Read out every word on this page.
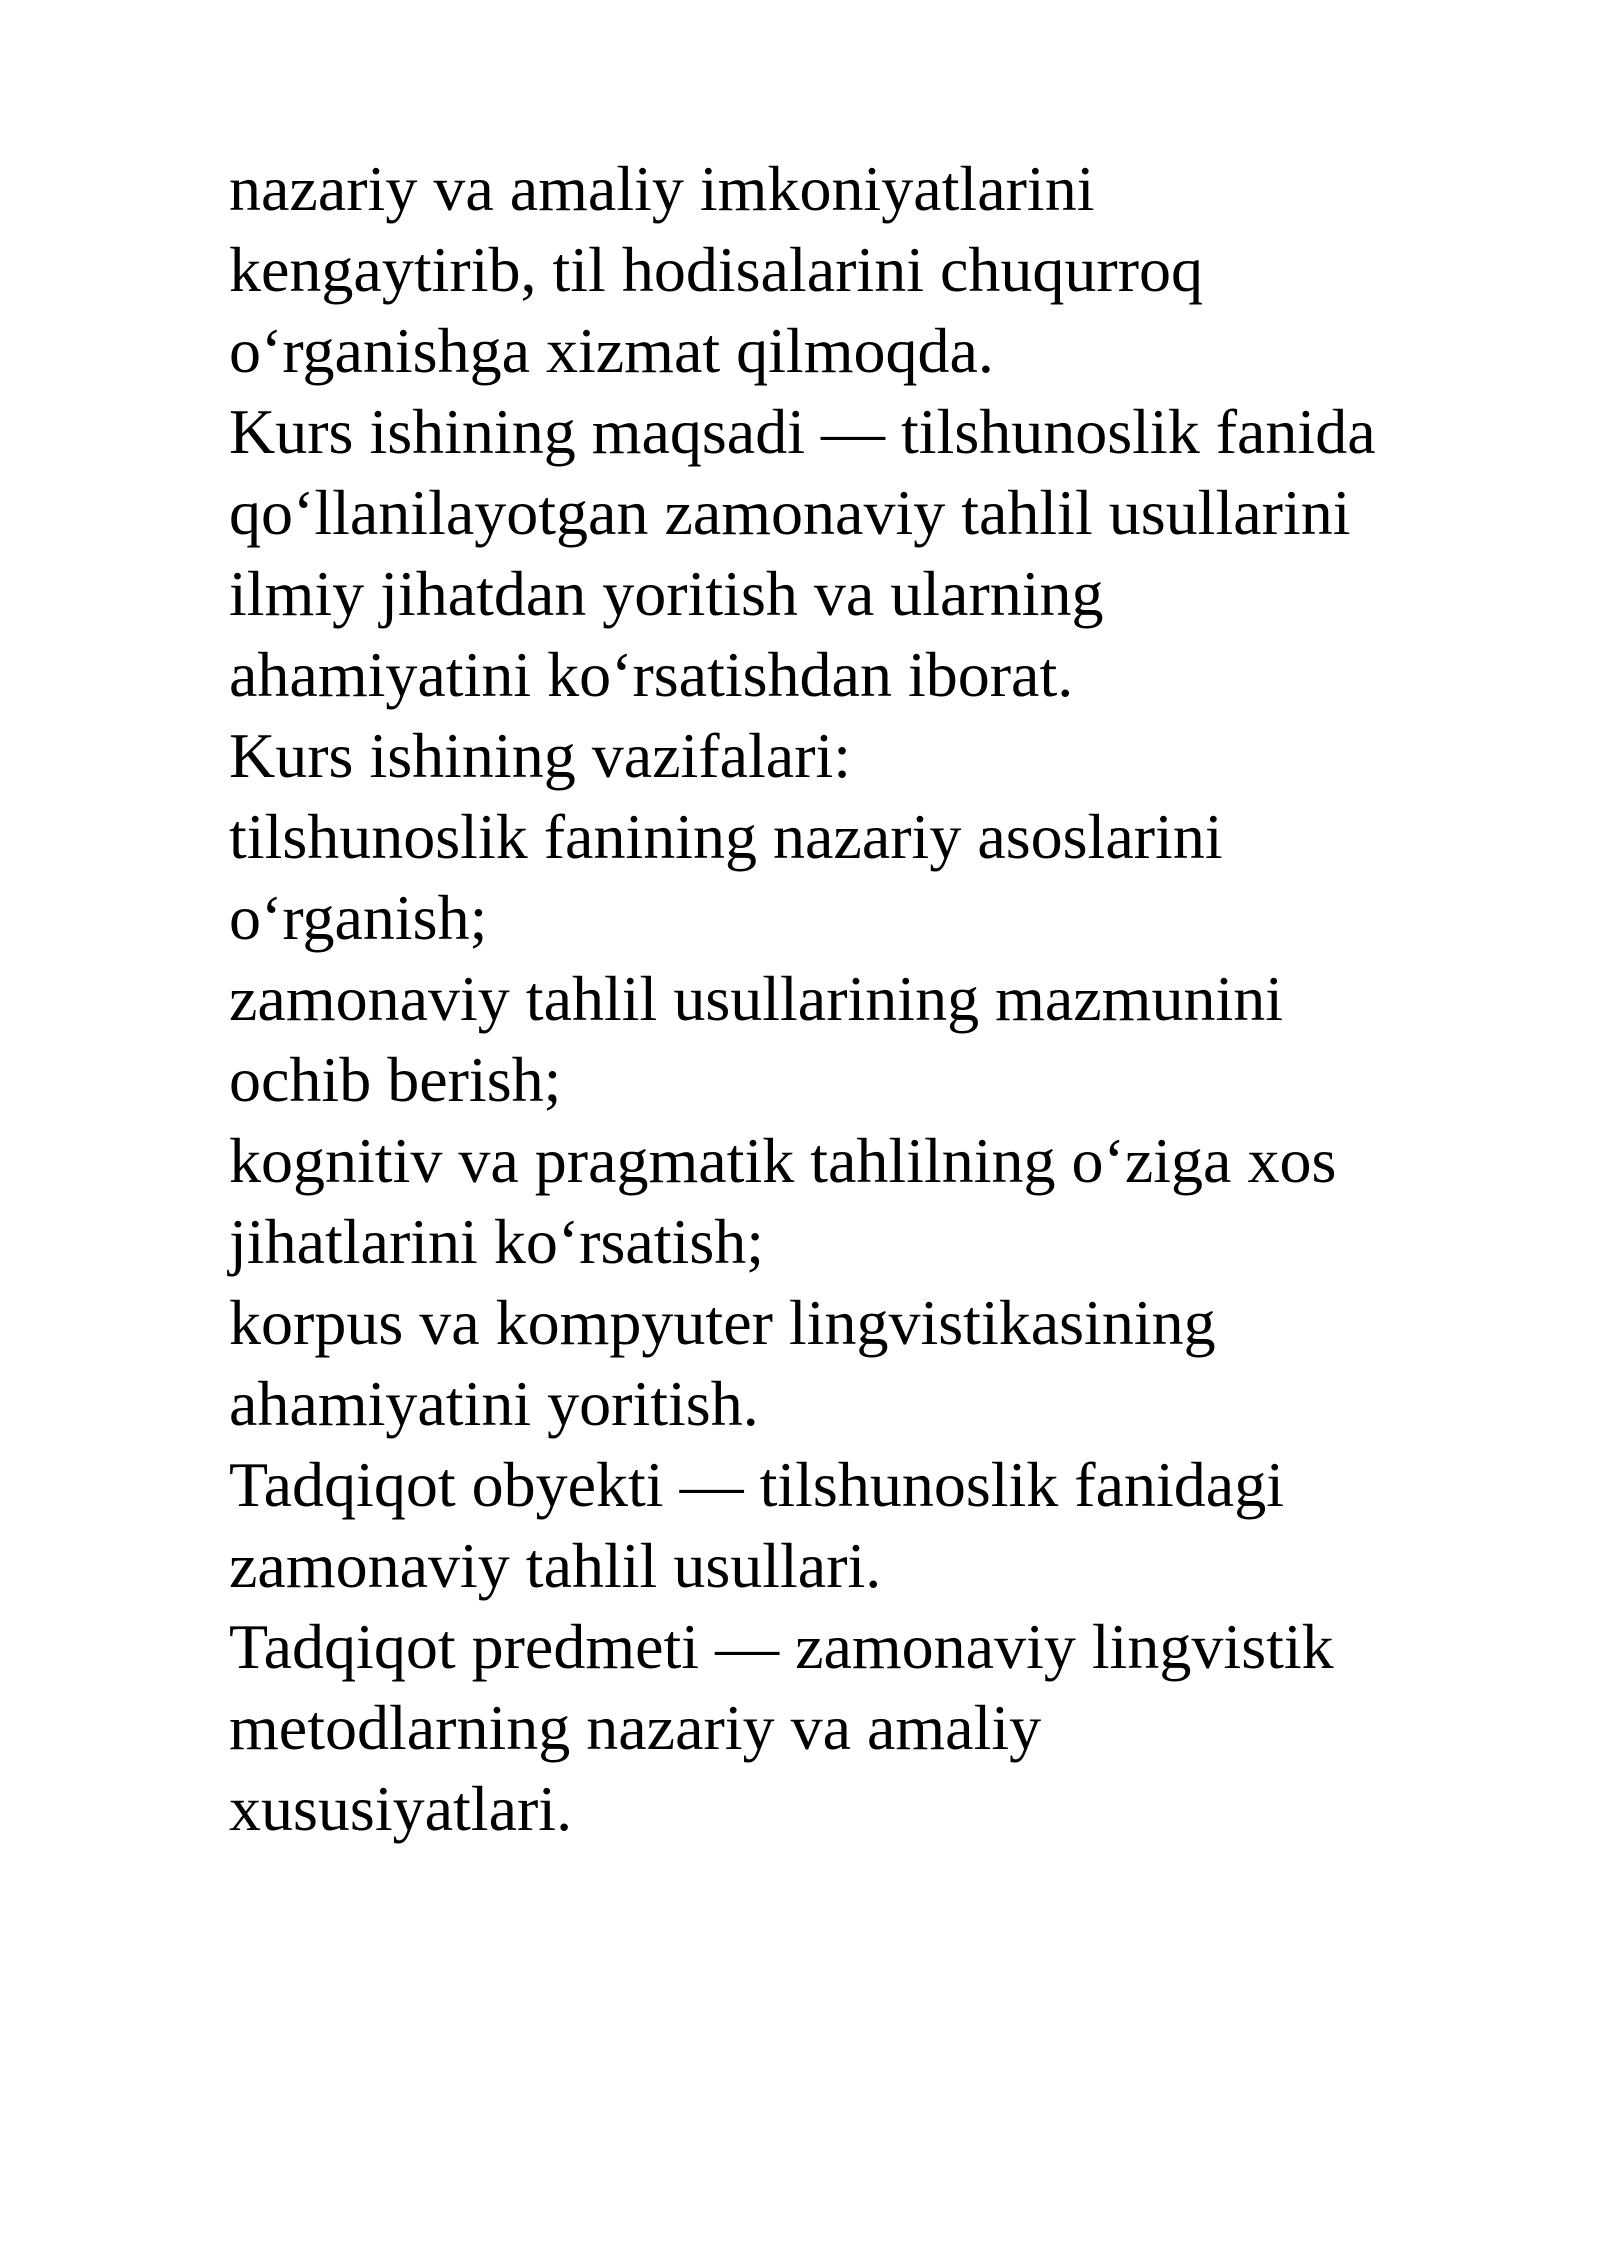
nazariy va amaliy imkoniyatlarini
kengaytirib, til hodisalarini chuqurroq
o‘rganishga xizmat qilmoqda.
Kurs ishining maqsadi — tilshunoslik fanida
qo‘llanilayotgan zamonaviy tahlil usullarini
ilmiy jihatdan yoritish va ularning
ahamiyatini ko‘rsatishdan iborat.
Kurs ishining vazifalari:
tilshunoslik fanining nazariy asoslarini
o‘rganish;
zamonaviy tahlil usullarining mazmunini
ochib berish;
kognitiv va pragmatik tahlilning o‘ziga xos
jihatlarini ko‘rsatish;
korpus va kompyuter lingvistikasining
ahamiyatini yoritish.
Tadqiqot obyekti — tilshunoslik fanidagi
zamonaviy tahlil usullari.
Tadqiqot predmeti — zamonaviy lingvistik
metodlarning nazariy va amaliy
xususiyatlari.
